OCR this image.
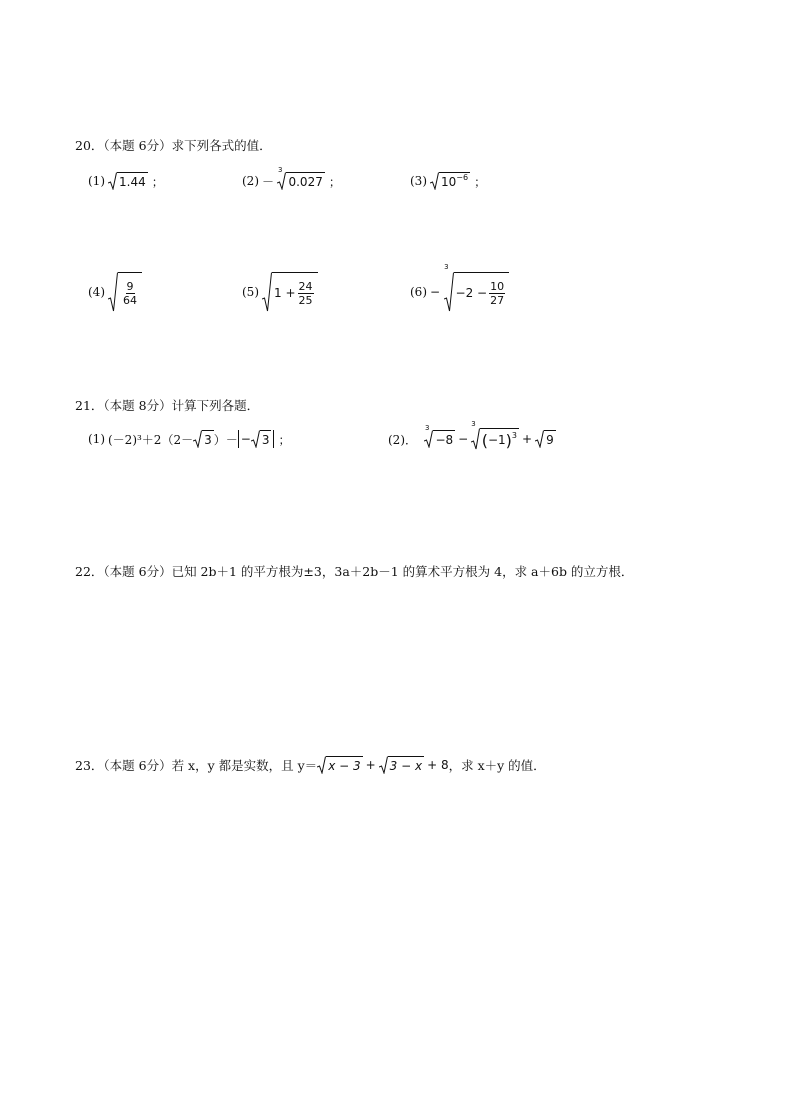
20．（本题 6分）求下列各式的值．
(1) 1.44 ；	(2) －
3
0.027 ；	(3) 10 −6 ；
$(4) \frac{9}{64}$	(5) $1 + \frac{24}{25}$	(6) −
3
$-2 - \frac{10}{27}$
21．（本题 8分）计算下列各题．
(1) (－2)³＋2（2－ 3 ）－ − 3 ；	(2)．
3
−8 −
3
( −1 ) 3 + 9
22．（本题 6分）已知 2b＋1 的平方根为±3，3a＋2b－1 的算术平方根为 4，求 a＋6b 的立方根．
23．（本题 6分）若 x，y 都是实数，且 y＝ x − 3 + 3 − x + 8 ，求 x＋y 的值．
